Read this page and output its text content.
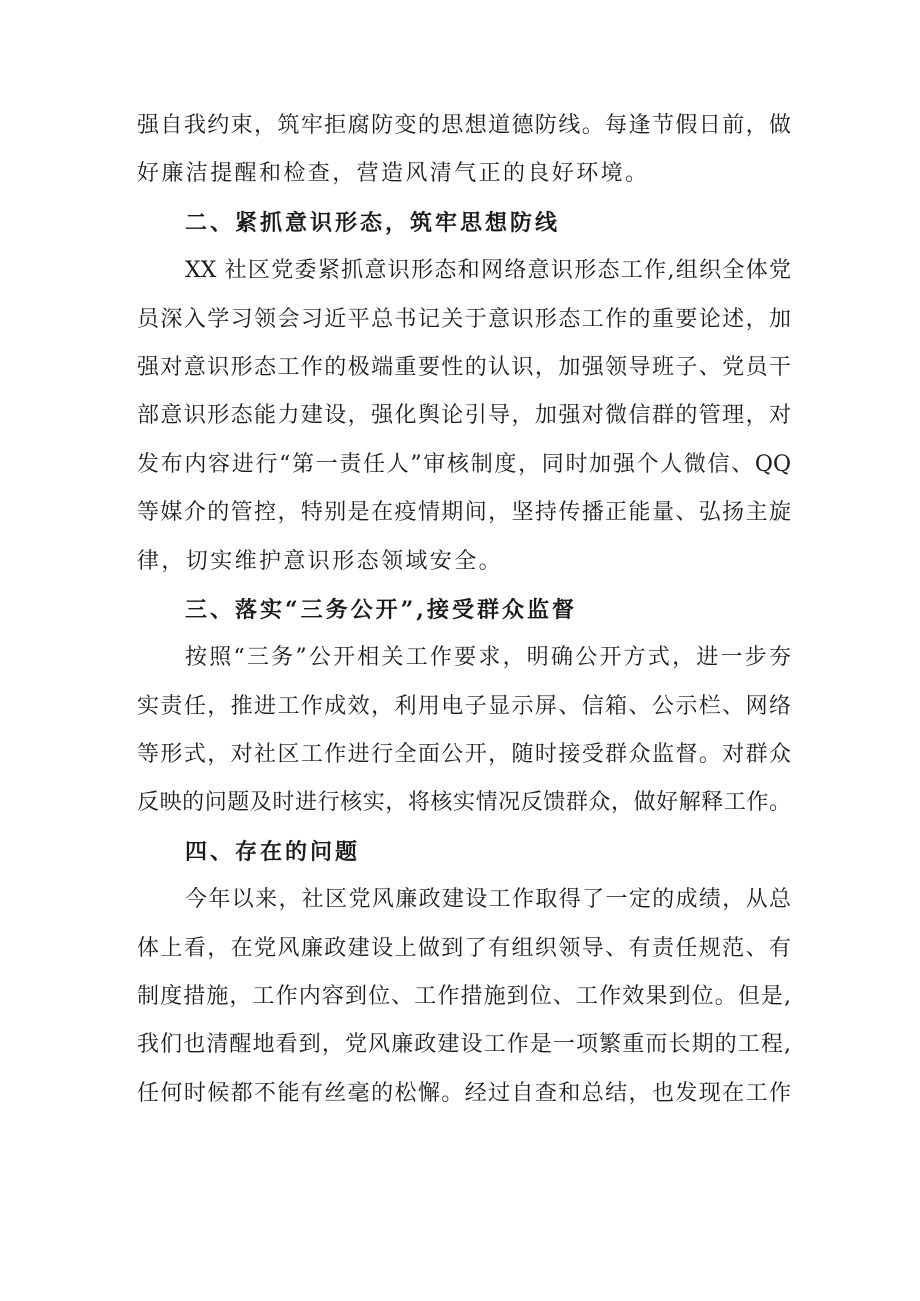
强自我约束，筑牢拒腐防变的思想道德防线。每逢节假日前，做
好廉洁提醒和检查，营造风清气正的良好环境。
二、紧抓意识形态，筑牢思想防线
XX 社区党委紧抓意识形态和网络意识形态工作,组织全体党
员深入学习领会习近平总书记关于意识形态工作的重要论述，加
强对意识形态工作的极端重要性的认识，加强领导班子、党员干
部意识形态能力建设，强化舆论引导，加强对微信群的管理，对
发布内容进行“第一责任人”审核制度，同时加强个人微信、QQ
等媒介的管控，特别是在疫情期间，坚持传播正能量、弘扬主旋
律，切实维护意识形态领域安全。
三、落实“三务公开”,接受群众监督
按照“三务”公开相关工作要求，明确公开方式，进一步夯
实责任，推进工作成效，利用电子显示屏、信箱、公示栏、网络
等形式，对社区工作进行全面公开，随时接受群众监督。对群众
反映的问题及时进行核实，将核实情况反馈群众，做好解释工作。
四、存在的问题
今年以来，社区党风廉政建设工作取得了一定的成绩，从总
体上看，在党风廉政建设上做到了有组织领导、有责任规范、有
制度措施，工作内容到位、工作措施到位、工作效果到位。但是,
我们也清醒地看到，党风廉政建设工作是一项繁重而长期的工程,
任何时候都不能有丝毫的松懈。经过自查和总结，也发现在工作
